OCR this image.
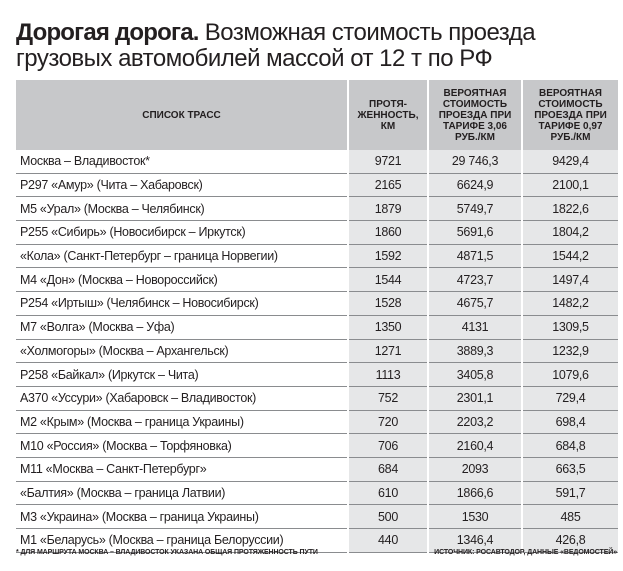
Дорогая дорога. Возможная стоимость проезда
грузовых автомобилей массой от 12 т по РФ
СПИСОК ТРАСС	ПРОТЯ-ЖЕННОСТЬ, КМ	ВЕРОЯТНАЯ СТОИМОСТЬ ПРОЕЗДА ПРИ ТАРИФЕ 3,06 РУБ./КМ	ВЕРОЯТНАЯ СТОИМОСТЬ ПРОЕЗДА ПРИ ТАРИФЕ 0,97 РУБ./КМ
Москва – Владивосток*	9721	29 746,3	9429,4
Р297 «Амур» (Чита – Хабаровск)	2165	6624,9	2100,1
М5 «Урал» (Москва – Челябинск)	1879	5749,7	1822,6
Р255 «Сибирь» (Новосибирск – Иркутск)	1860	5691,6	1804,2
«Кола» (Санкт-Петербург – граница Норвегии)	1592	4871,5	1544,2
М4 «Дон» (Москва – Новороссийск)	1544	4723,7	1497,4
Р254 «Иртыш» (Челябинск – Новосибирск)	1528	4675,7	1482,2
М7 «Волга» (Москва – Уфа)	1350	4131	1309,5
«Холмогоры» (Москва – Архангельск)	1271	3889,3	1232,9
Р258 «Байкал» (Иркутск – Чита)	1113	3405,8	1079,6
А370 «Уссури» (Хабаровск – Владивосток)	752	2301,1	729,4
М2 «Крым» (Москва – граница Украины)	720	2203,2	698,4
М10 «Россия» (Москва – Торфяновка)	706	2160,4	684,8
М11 «Москва – Санкт-Петербург»	684	2093	663,5
«Балтия» (Москва – граница Латвии)	610	1866,6	591,7
М3 «Украина» (Москва – граница Украины)	500	1530	485
М1 «Беларусь» (Москва – граница Белоруссии)	440	1346,4	426,8
* ДЛЯ МАРШРУТА МОСКВА – ВЛАДИВОСТОК УКАЗАНА ОБЩАЯ ПРОТЯЖЕННОСТЬ ПУТИ	ИСТОЧНИК: РОСАВТОДОР, ДАННЫЕ «ВЕДОМОСТЕЙ»
